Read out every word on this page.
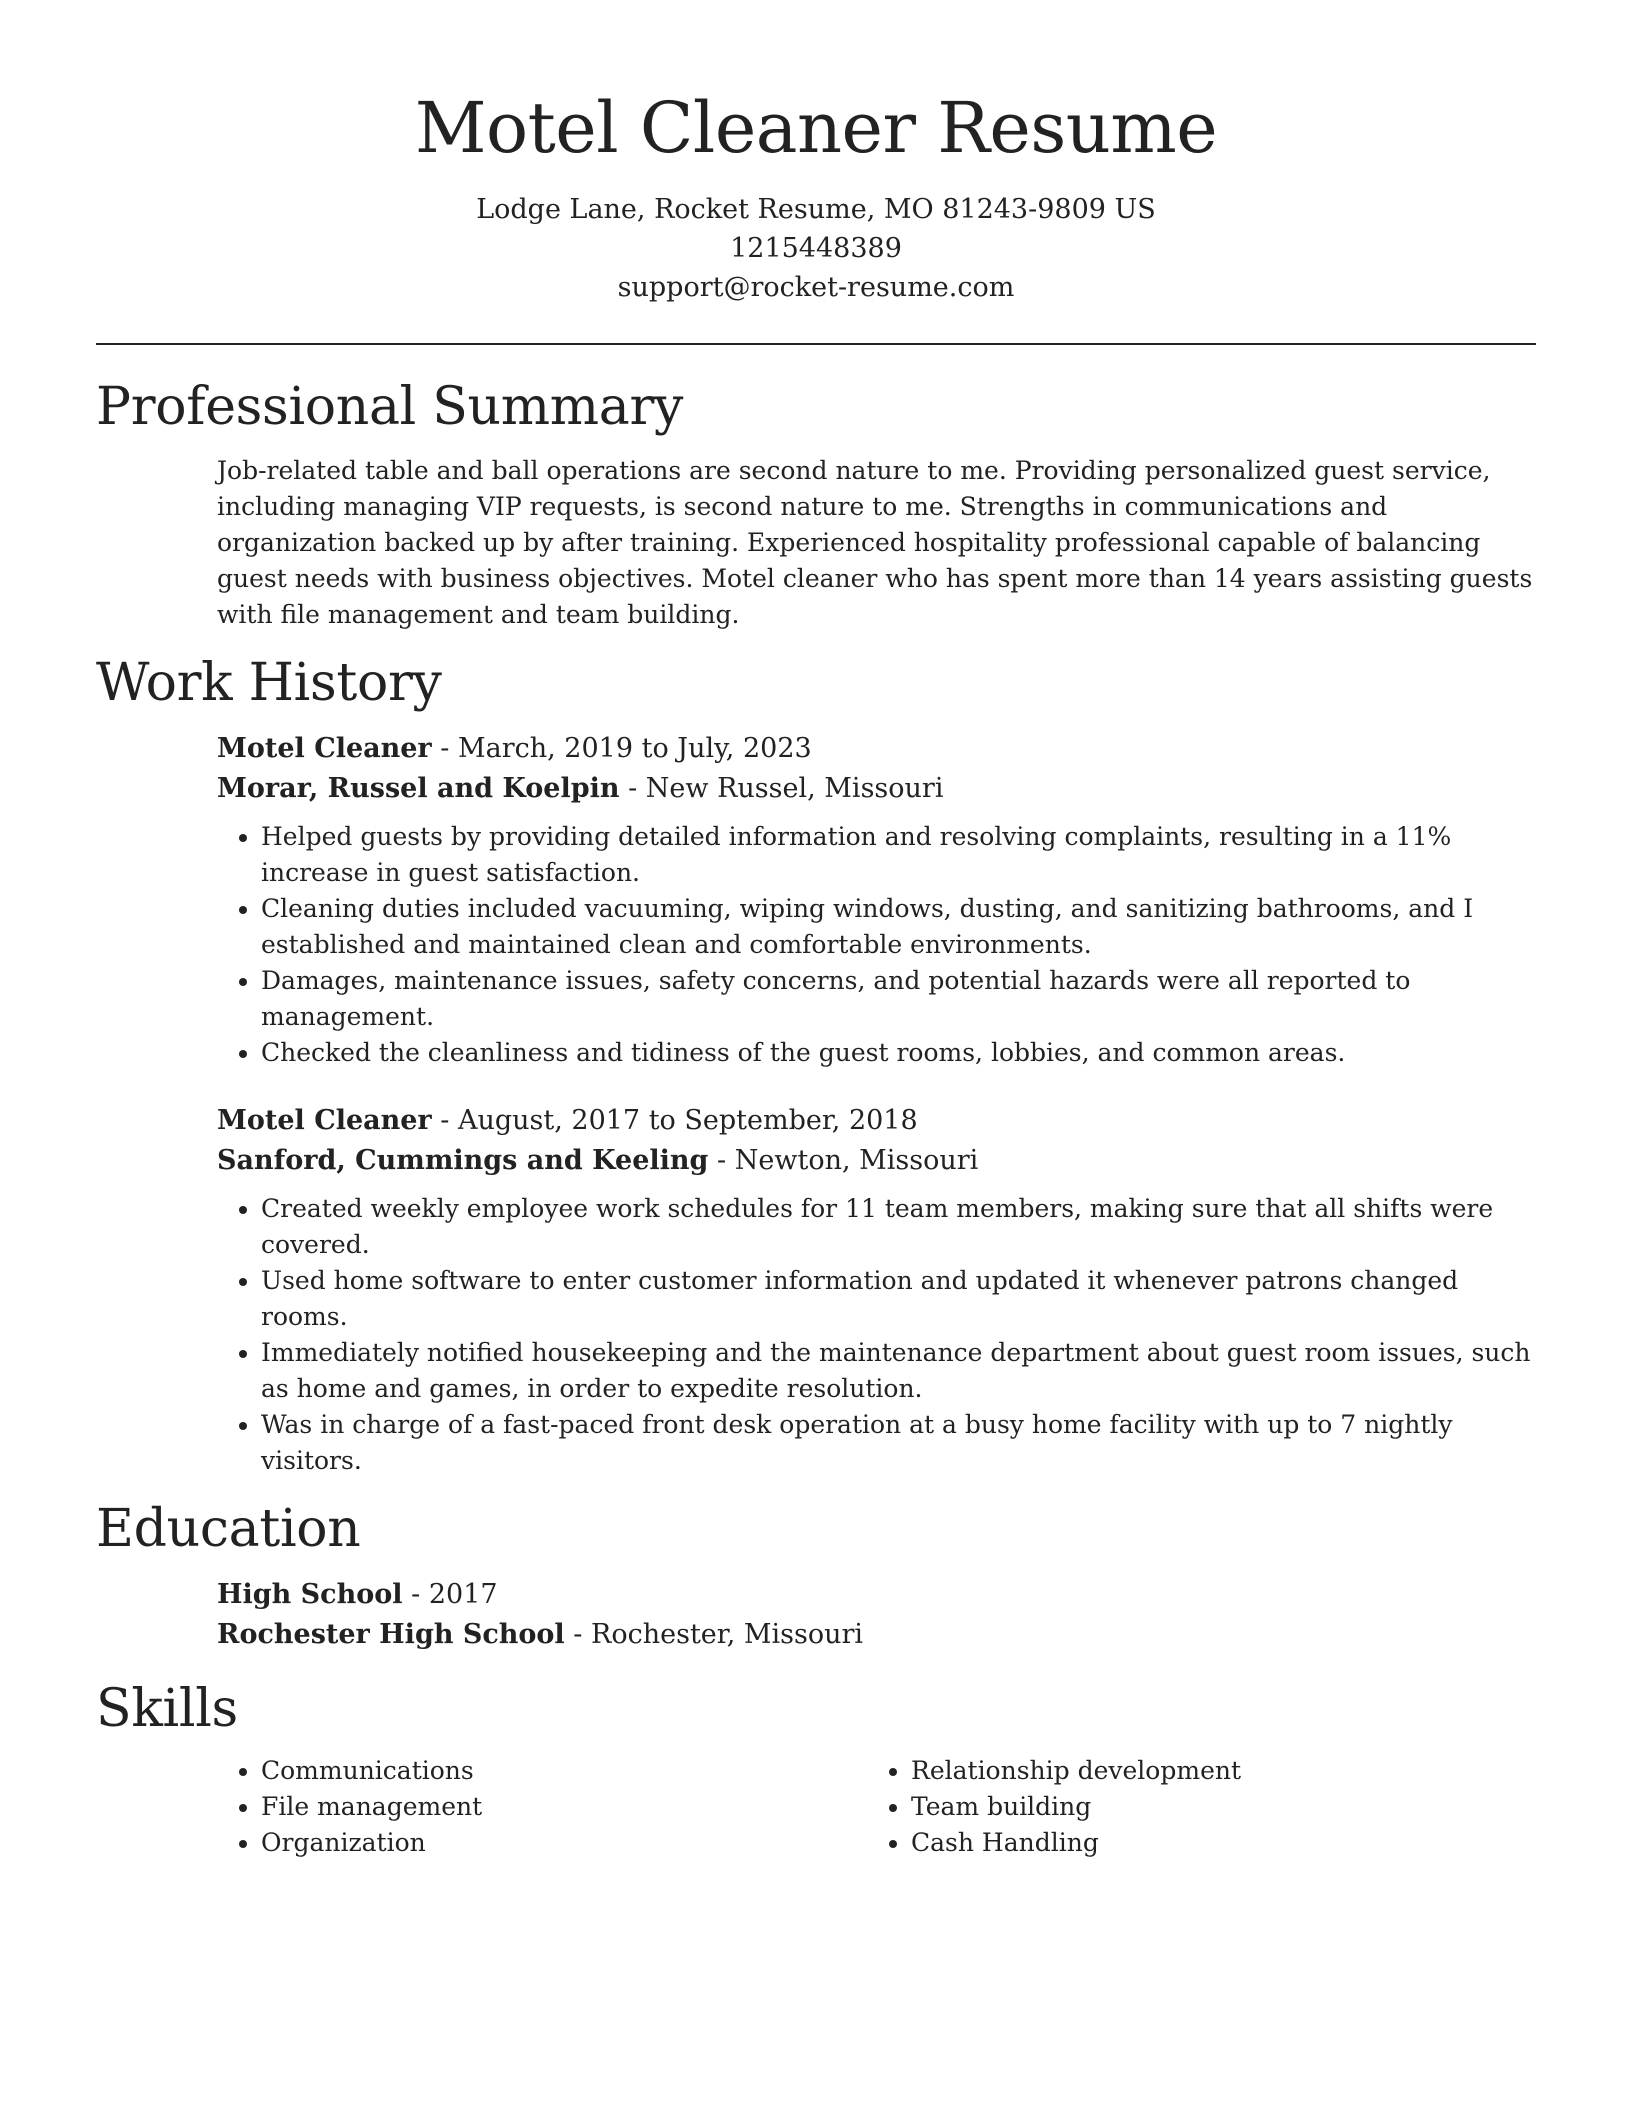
Motel Cleaner Resume
Lodge Lane, Rocket Resume, MO 81243-9809 US
1215448389
support@rocket-resume.com
Professional Summary

Job-related table and ball operations are second nature to me. Providing personalized guest service, including managing VIP requests, is second nature to me. Strengths in communications and organization backed up by after training. Experienced hospitality professional capable of balancing guest needs with business objectives. Motel cleaner who has spent more than 14 years assisting guests with file management and team building.

Work History
Motel Cleaner - March, 2019 to July, 2023
Morar, Russel and Koelpin - New Russel, Missouri
• Helped guests by providing detailed information and resolving complaints, resulting in a 11% increase in guest satisfaction.
• Cleaning duties included vacuuming, wiping windows, dusting, and sanitizing bathrooms, and I established and maintained clean and comfortable environments.
• Damages, maintenance issues, safety concerns, and potential hazards were all reported to management.
• Checked the cleanliness and tidiness of the guest rooms, lobbies, and common areas.
Motel Cleaner - August, 2017 to September, 2018
Sanford, Cummings and Keeling - Newton, Missouri
• Created weekly employee work schedules for 11 team members, making sure that all shifts were covered.
• Used home software to enter customer information and updated it whenever patrons changed rooms.
• Immediately notified housekeeping and the maintenance department about guest room issues, such as home and games, in order to expedite resolution.
• Was in charge of a fast-paced front desk operation at a busy home facility with up to 7 nightly visitors.
Education
High School - 2017
Rochester High School - Rochester, Missouri
Skills
• Communications
• File management
• Organization
• Relationship development
• Team building
• Cash Handling
